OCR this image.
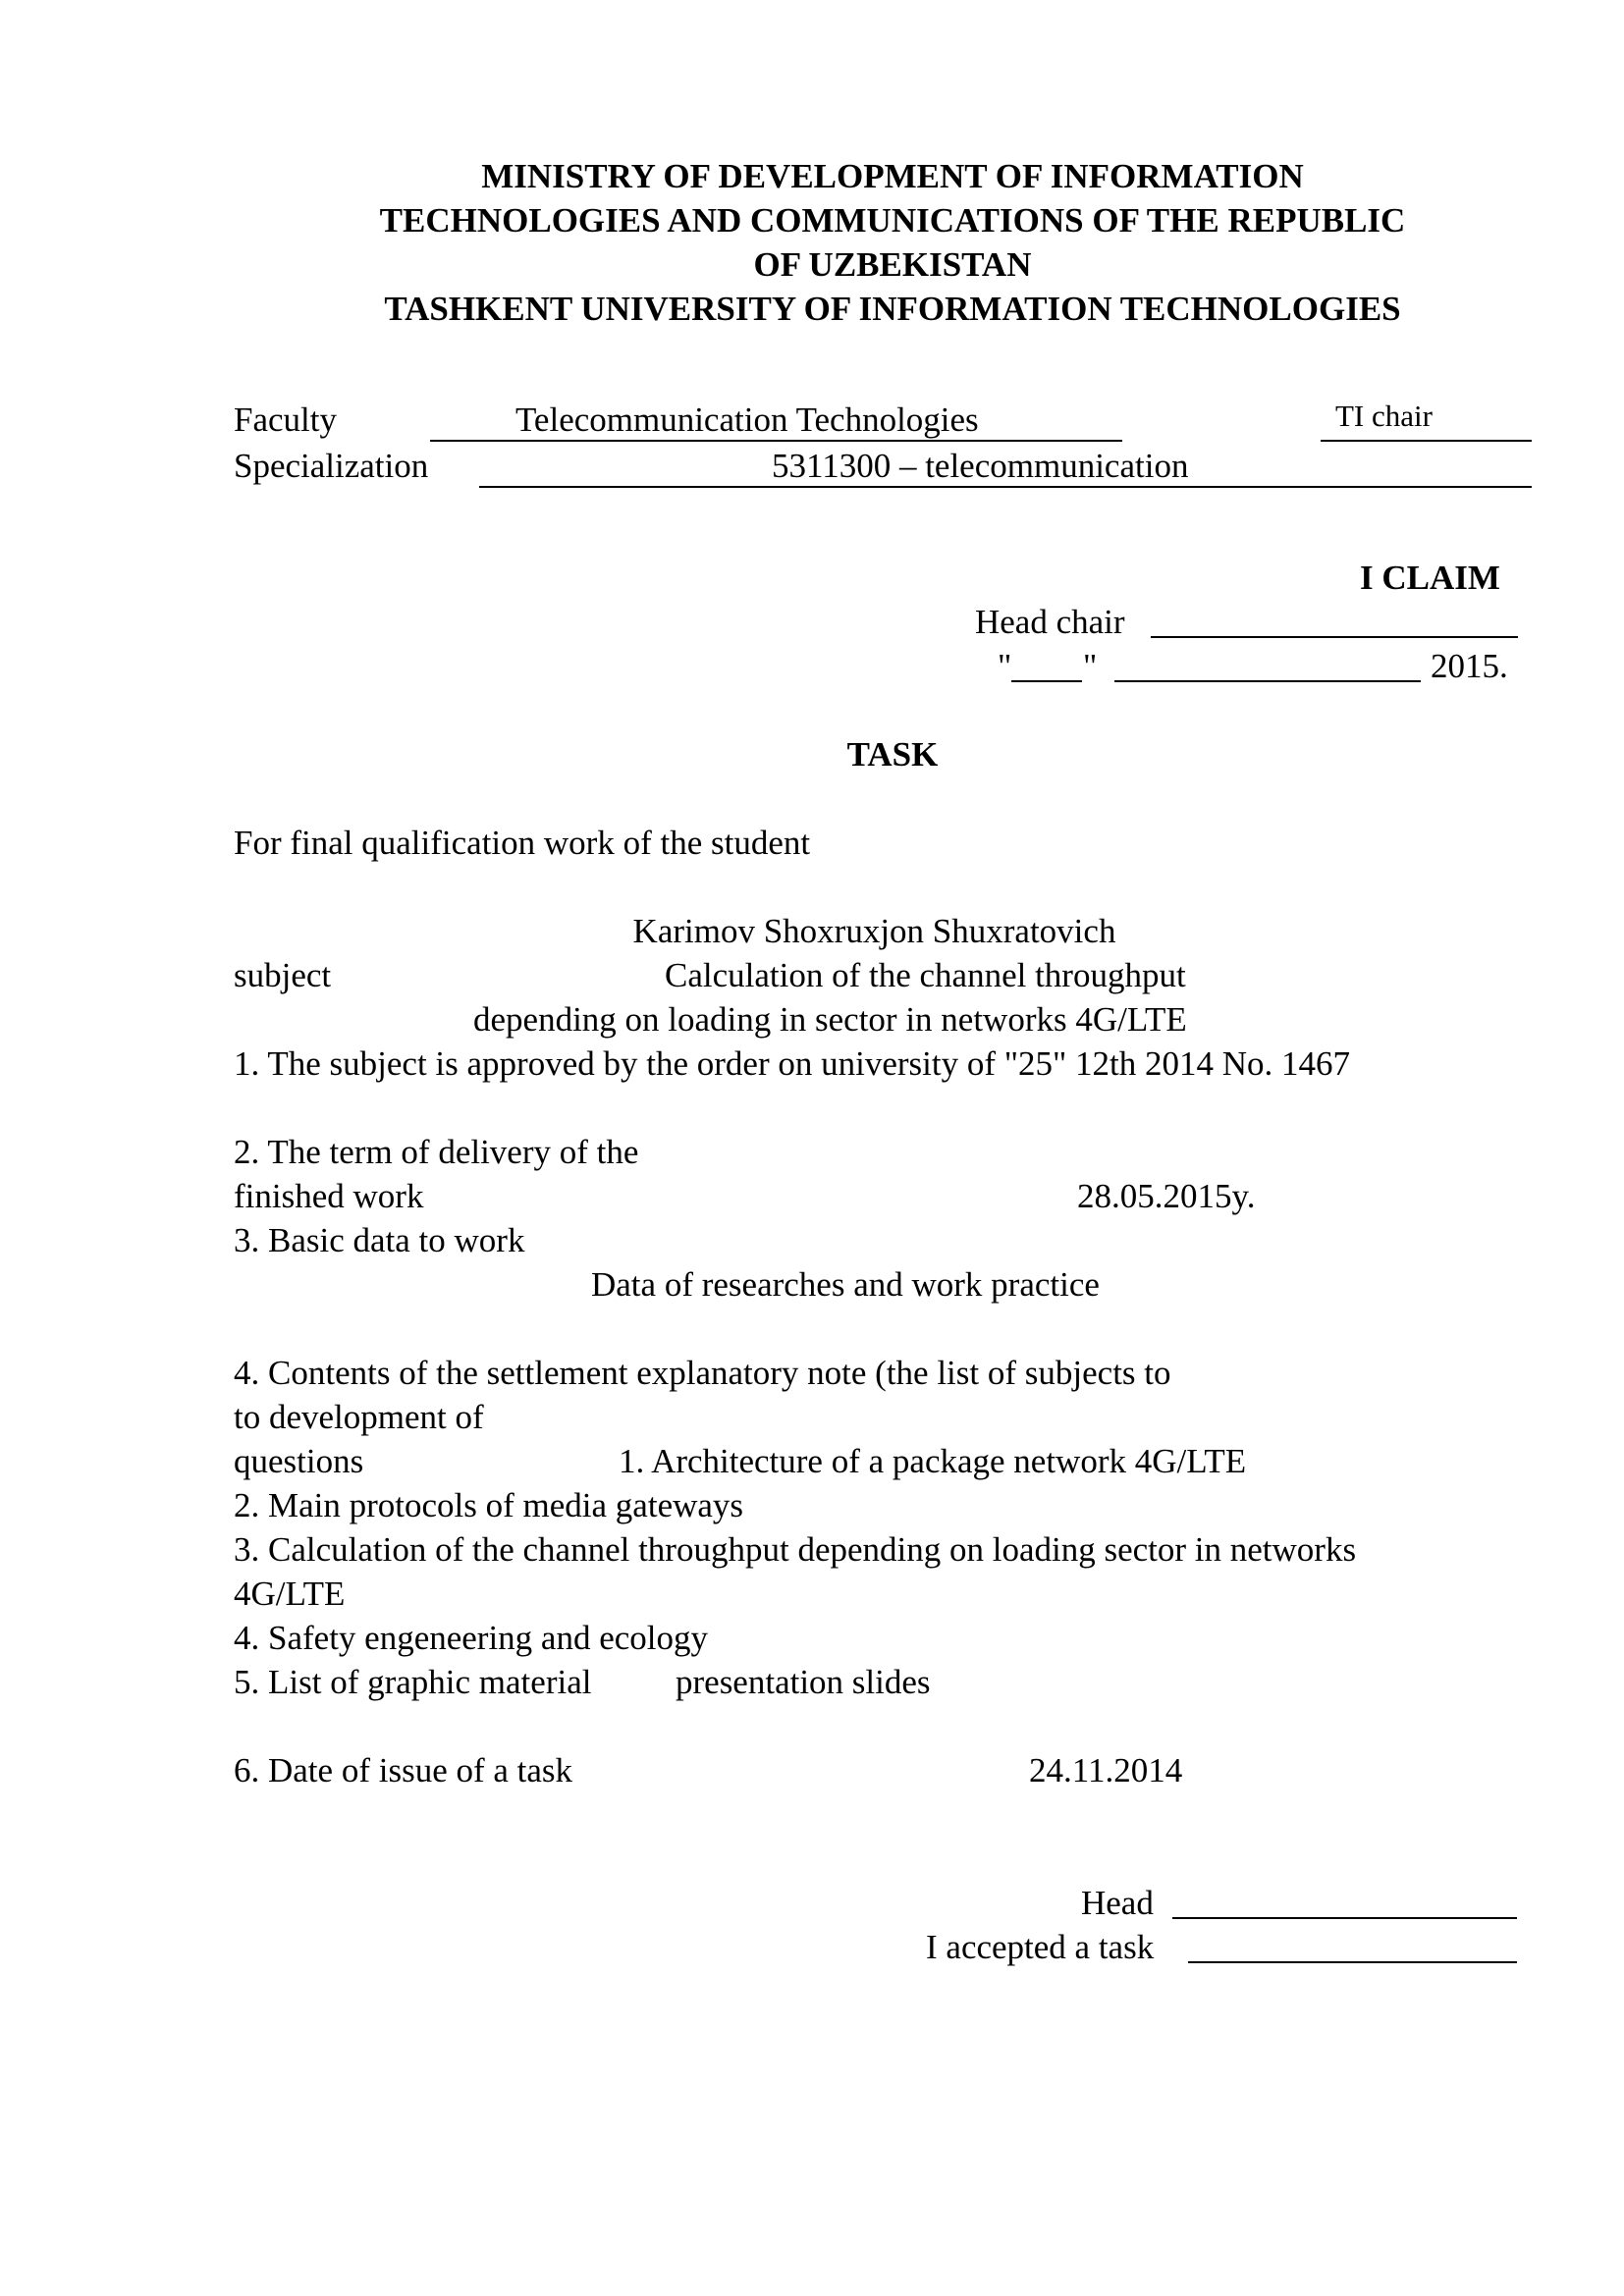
MINISTRY OF DEVELOPMENT OF INFORMATION
TECHNOLOGIES AND COMMUNICATIONS OF THE REPUBLIC
OF UZBEKISTAN
TASHKENT UNIVERSITY OF INFORMATION TECHNOLOGIES
Faculty	Telecommunication Technologies	TI chair
Specialization	5311300 – telecommunication
I CLAIM
Head chair
" "	2015.
TASK
For final qualification work of the student
Karimov Shoxruxjon Shuxratovich
subject	Calculation of the channel throughput
depending on loading in sector in networks 4G/LTE
1. The subject is approved by the order on university of "25" 12th 2014 No. 1467
2. The term of delivery of the
finished work	28.05.2015y.
3. Basic data to work
Data of researches and work practice
4. Contents of the settlement explanatory note (the list of subjects to
to development of
questions	1. Architecture of a package network 4G/LTE
2. Main protocols of media gateways
3. Calculation of the channel throughput depending on loading sector in networks
4G/LTE
4. Safety engeneering and ecology
5. List of graphic material presentation slides
6. Date of issue of a task	24.11.2014
Head
I accepted a task
